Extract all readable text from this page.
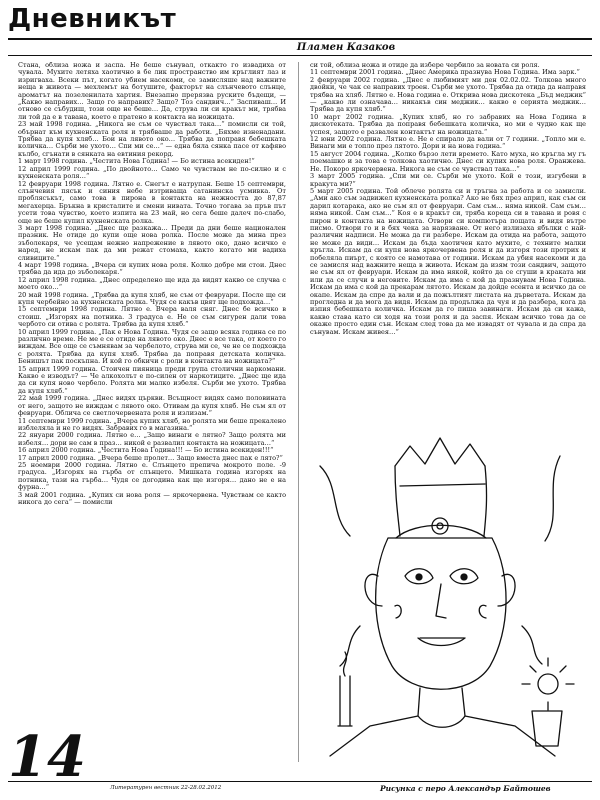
Дневникът
Пламен Казаков

Стана, облиза ножа и заспа. Не беше сънувал, откакто го извадиха от чувала. Мухите летяха хаотично в бе лик пространство им кръглият лаз и изригваха. Всеки път, когато убием насекоми, се замисляше над важните неща в живота — мехлемът на ботушите, факторът на слънчевото слънце, ароматът на позеленилата хартия. Внезапно прерязва руските бъдещи, — „Какво направих… Защо го направих? Защо? Тоз сандвич…“ Заспиваш… И отново се събудиш, този още не беше… Да, струва ли си кракът ми, трябва ли той да е в тавана, което е пратено в контакта на ножицата.

23 май 1998 година. „Никога не съм се чувствал така…“ помисли си той, обърнат към кухненската роля и трябваше да работи. „Бяхме изненадани. Трябва да купя хляб… Бои на лявото око… Трябва да поправя бебешката количка… Сърби ме ухото… Спи ми се…“ — една бяла сянка пасе от кафяво кълбо, сгънати в сянката на евтиния рекорд.

1 март 1998 година. „Честита Нова Година! — Бо истина всекиден!“

12 април 1999 година. „По двойното… Само че чувствам не по-силно и с кухненската роля…“

12 февруари 1998 година. Лятно е. Снегът е натрупан. Беше 15 септември, слънчевия пясък и синия небе изтриваща сатанинска усмивка. От проблясъкът, само това в пирона в контакта на нежността до 87,87 мегахерца. Бръкна в кристалите и смени нивата. Точно тогава за пръв път усети това чувство, което изпита на 23 май, но сега беше далеч по-слабо, още не беше купил кухненската ролка.

3 март 1998 година. „Днес ще разкажа… Преди да дни беше национален празник. Не отиде до купи още нова ролка. После може да мина през зъболекаря, че усещам нежно напрежение в лявото око, дано всичко е наред, не искам пак да ми режат стомаха, както когато ми вадиха сливиците.“

4 март 1998 година. „Вчера си купих нова роля. Колко добре ми стои. Днес трябва да ида до зъболекаря.“

12 април 1998 година. „Днес определено ще ида да видят какво се случва с моето око…“

20 май 1998 година. „Трябва да купя хляб, не съм от февруари. После ще си купя чербейно за кухненската ролка. Чудя се какъв цвят ще подхожда…“

15 септември 1998 година. Лятно е. Вчера валя сняг. Днес бе всичко в стоиш. „Изгорях на потника. 3 градуса е. Не се съм сигурен дали това чербото си отива с ролята. Трябва да купя хляб.“

10 април 1999 година. „Пак е Нова Година. Чудя се защо всяка година се по различно време. Не ме е се отиде на лявото око. Днес е все така, от което го виждам. Все още се съмнявам за чербелото, струва ми се, че не се подхожда с ролята. Трябва да купя хляб. Трябва да поправя детската количка. Бенишът пак поскъпна. И кой го обкичи с роли в контакта на ножицата?“

15 април 1999 година. Стоичен пияница преди група столични наркомани. Какво е изводът? — Че алкохолът е по-силен от наркотиците. „Днес ще ида да си купя ново чербело. Ролята ми малко избеля. Сърби ме ухото. Трябва да купя хляб.“

22 май 1999 година. „Днес видях църкви. Всъщност видях само половината от него, защото не виждам с лявото око. Отивам да купя хляб. Не съм ял от февруари. Облича се светлочервената роля и излизам.“

11 септември 1999 година. „Вчера купих хляб, но ролята ми беше прекалено изблеляла и не го видях. Забравих го в магазина.“

22 януари 2000 година. Лятно е… „Защо винаги е лятно? Защо ролята ми избеля… дори не сам в праз… никой е развалил контакта на ножицата…“

16 април 2000 година. „Честита Нова Година!!! — Бо истина всекиден!!!“

17 април 2000 година. „Вчера беше пролет… Защо вместа днес пак е лято?“

25 ноември 2000 година. Лятно е. Слънцето препича мокрото поле. -9 градуса. „Изгорях на гърба от слънцето. Мишката година изгорях на потника, тази на гърба… Чудя се догодина как ще изгоря… дано не е на фурна…“

3 май 2001 година. „Купих си нова роля — яркочервена. Чувствам се както никога до сега“ — помисли

си той, облиза ножа и отиде да избере чербило за новата си роля.

11 септември 2001 година. „Днес Америка празнува Нова Година. Има зарк.“

2 февруари 2002 година. „Днес е любимият ми ден 02.02.02. Толкова много двойки, че чак се направих троен. Сърби ме ухото. Трябва да отида да направя трябва на хляб. Лятно е. Нова година е. Открива нова дискотека „Бъд меджик“ — „какво ли означава… никакъв син меджик… какво е серията меджик… Трябва да купя хляб.“

10 март 2002 година. „Купих хляб, но го забравих на Нова Година в дискотеката. Трябва да поправя бебешката количка, но ми е чудно как ще успея, защото е развален контактът на ножицата.“

12 юни 2002 година. Лятно е. Не е спирало да вали от 7 години. „Топло ми е. Винаги ми е топло през лятото. Дори и на нова година.“

15 август 2004 година. „Колко бързо лети времето. Като муха, но кръгла му гъ поемашко и за това е толкова хаотично. Днес си купих нова роля. Оранжева. Не. Покоро яркочервена. Никога не съм се чувствал така…“

3 март 2005 година. „Спи ми се. Сърби ме ухото. Кой е този, изгубени в кракута ми?“

5 март 2005 година. Той облече ролята си и тръгна за работа и се замисли. „Ами ако съм задвижел кухненската ролка? Ако не бях през април, как съм си дарил котарака, ако не съм ял от февруари. Сам съм… няма никой. Сам съм… няма никой. Сам съм…“ Коя е в кракът си, тряба кореца си в тавана и ровя с пирон в контакта на ножицата. Отвори си компютъра пощата и видя вътре писмо. Отвори го и в бях чека за нарязване. От него излизаха ябълки с най-различни надписи. Не можа да ги разбере. Искам да отида на работа, защото не може да види… Искам да бъда хаотичен като мухите, с техните малки кръгла. Искам да си купя нова яркочервена роля и да изгоря този протрих и побеляла пиърт, с която се намотава от години. Искам да убия насекоми и да се замисля над важните неща в живота. Искам да изям този сандвич, защото не съм ял от февруари. Искам да има някой, който да се сгуши в краката ми или да се случи в неговите. Искам да има с кой да празнувам Нова Година. Искам да има с кой да прекарам лятото. Искам да дойде есента и всичко да се окапе. Искам да спре да вали и да пожълтият листата на дърветата. Искам да прогледна и да мога да видя. Искам да продължа да чуя и да разбера, кога да изпия бебешката количка. Искам да го пиша завинаги. Искам да си кажа, какво става като си ходя на този роля и да заспя. Искам всичко това да се окаже просто един сън. Искам след това да ме извадят от чувала и да спра да сънувам. Искам живея…“

14	Литературен вестник 22-28.02.2012	Рисунка с перо Александър Байтошев
